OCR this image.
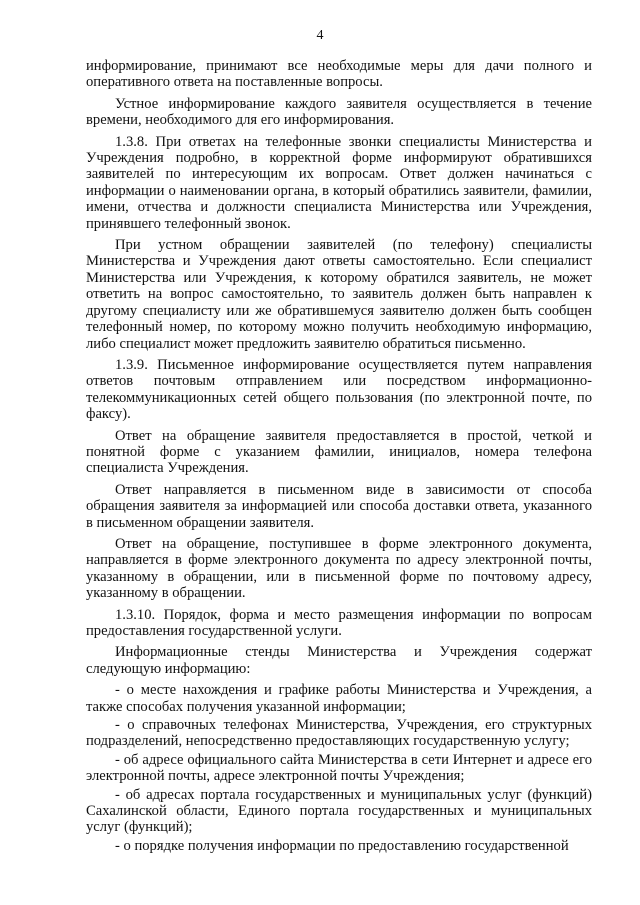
4

информирование, принимают все необходимые меры для дачи полного и оперативного ответа на поставленные вопросы.

Устное информирование каждого заявителя осуществляется в течение времени, необходимого для его информирования.

1.3.8. При ответах на телефонные звонки специалисты Министерства и Учреждения подробно, в корректной форме информируют обратившихся заявителей по интересующим их вопросам. Ответ должен начинаться с информации о наименовании органа, в который обратились заявители, фамилии, имени, отчества и должности специалиста Министерства или Учреждения, принявшего телефонный звонок.

При устном обращении заявителей (по телефону) специалисты Министерства и Учреждения дают ответы самостоятельно. Если специалист Министерства или Учреждения, к которому обратился заявитель, не может ответить на вопрос самостоятельно, то заявитель должен быть направлен к другому специалисту или же обратившемуся заявителю должен быть сообщен телефонный номер, по которому можно получить необходимую информацию, либо специалист может предложить заявителю обратиться письменно.

1.3.9. Письменное информирование осуществляется путем направления ответов почтовым отправлением или посредством информационно-телекоммуникационных сетей общего пользования (по электронной почте, по факсу).

Ответ на обращение заявителя предоставляется в простой, четкой и понятной форме с указанием фамилии, инициалов, номера телефона специалиста Учреждения.

Ответ направляется в письменном виде в зависимости от способа обращения заявителя за информацией или способа доставки ответа, указанного в письменном обращении заявителя.

Ответ на обращение, поступившее в форме электронного документа, направляется в форме электронного документа по адресу электронной почты, указанному в обращении, или в письменной форме по почтовому адресу, указанному в обращении.

1.3.10. Порядок, форма и место размещения информации по вопросам предоставления государственной услуги.

Информационные стенды Министерства и Учреждения содержат следующую информацию:

- о месте нахождения и графике работы Министерства и Учреждения, а также способах получения указанной информации;

- о справочных телефонах Министерства, Учреждения, его структурных подразделений, непосредственно предоставляющих государственную услугу;

- об адресе официального сайта Министерства в сети Интернет и адресе его электронной почты, адресе электронной почты Учреждения;

- об адресах портала государственных и муниципальных услуг (функций) Сахалинской области, Единого портала государственных и муниципальных услуг (функций);

- о порядке получения информации по предоставлению государственной
